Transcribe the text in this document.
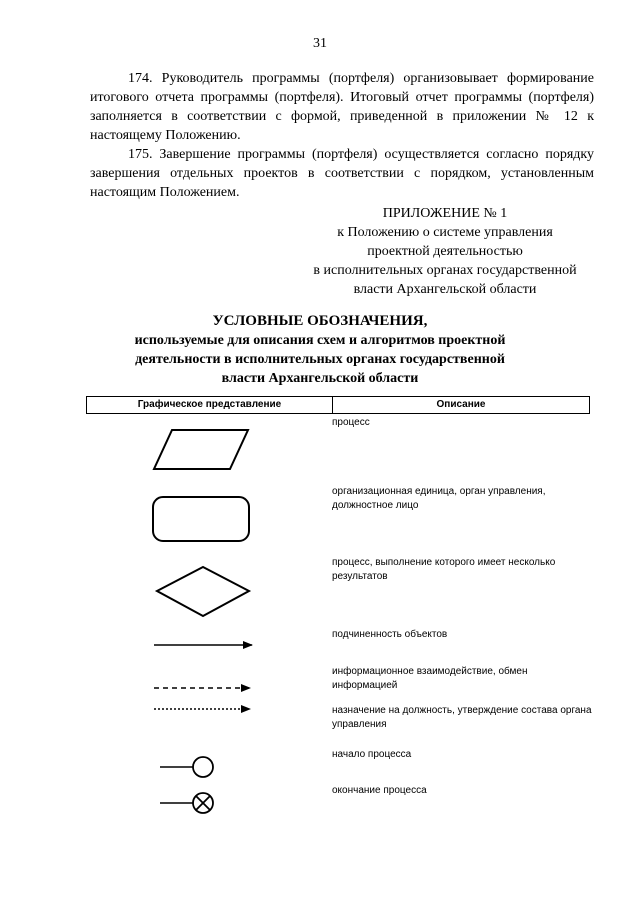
31
174. Руководитель программы (портфеля) организовывает формирование итогового отчета программы (портфеля). Итоговый отчет программы (портфеля) заполняется в соответствии с формой, приведенной в приложении № 12 к настоящему Положению.
175. Завершение программы (портфеля) осуществляется согласно порядку завершения отдельных проектов в соответствии с порядком, установленным настоящим Положением.
ПРИЛОЖЕНИЕ № 1
к Положению о системе управления
проектной деятельностью
в исполнительных органах государственной
власти Архангельской области
УСЛОВНЫЕ ОБОЗНАЧЕНИЯ,
используемые для описания схем и алгоритмов проектной
деятельности в исполнительных органах государственной
власти Архангельской области
Графическое представление	Описание
процесс
организационная единица, орган управления, должностное лицо
процесс, выполнение которого имеет несколько результатов
подчиненность объектов
информационное взаимодействие, обмен информацией
назначение на должность, утверждение состава органа управления
начало процесса
окончание процесса
